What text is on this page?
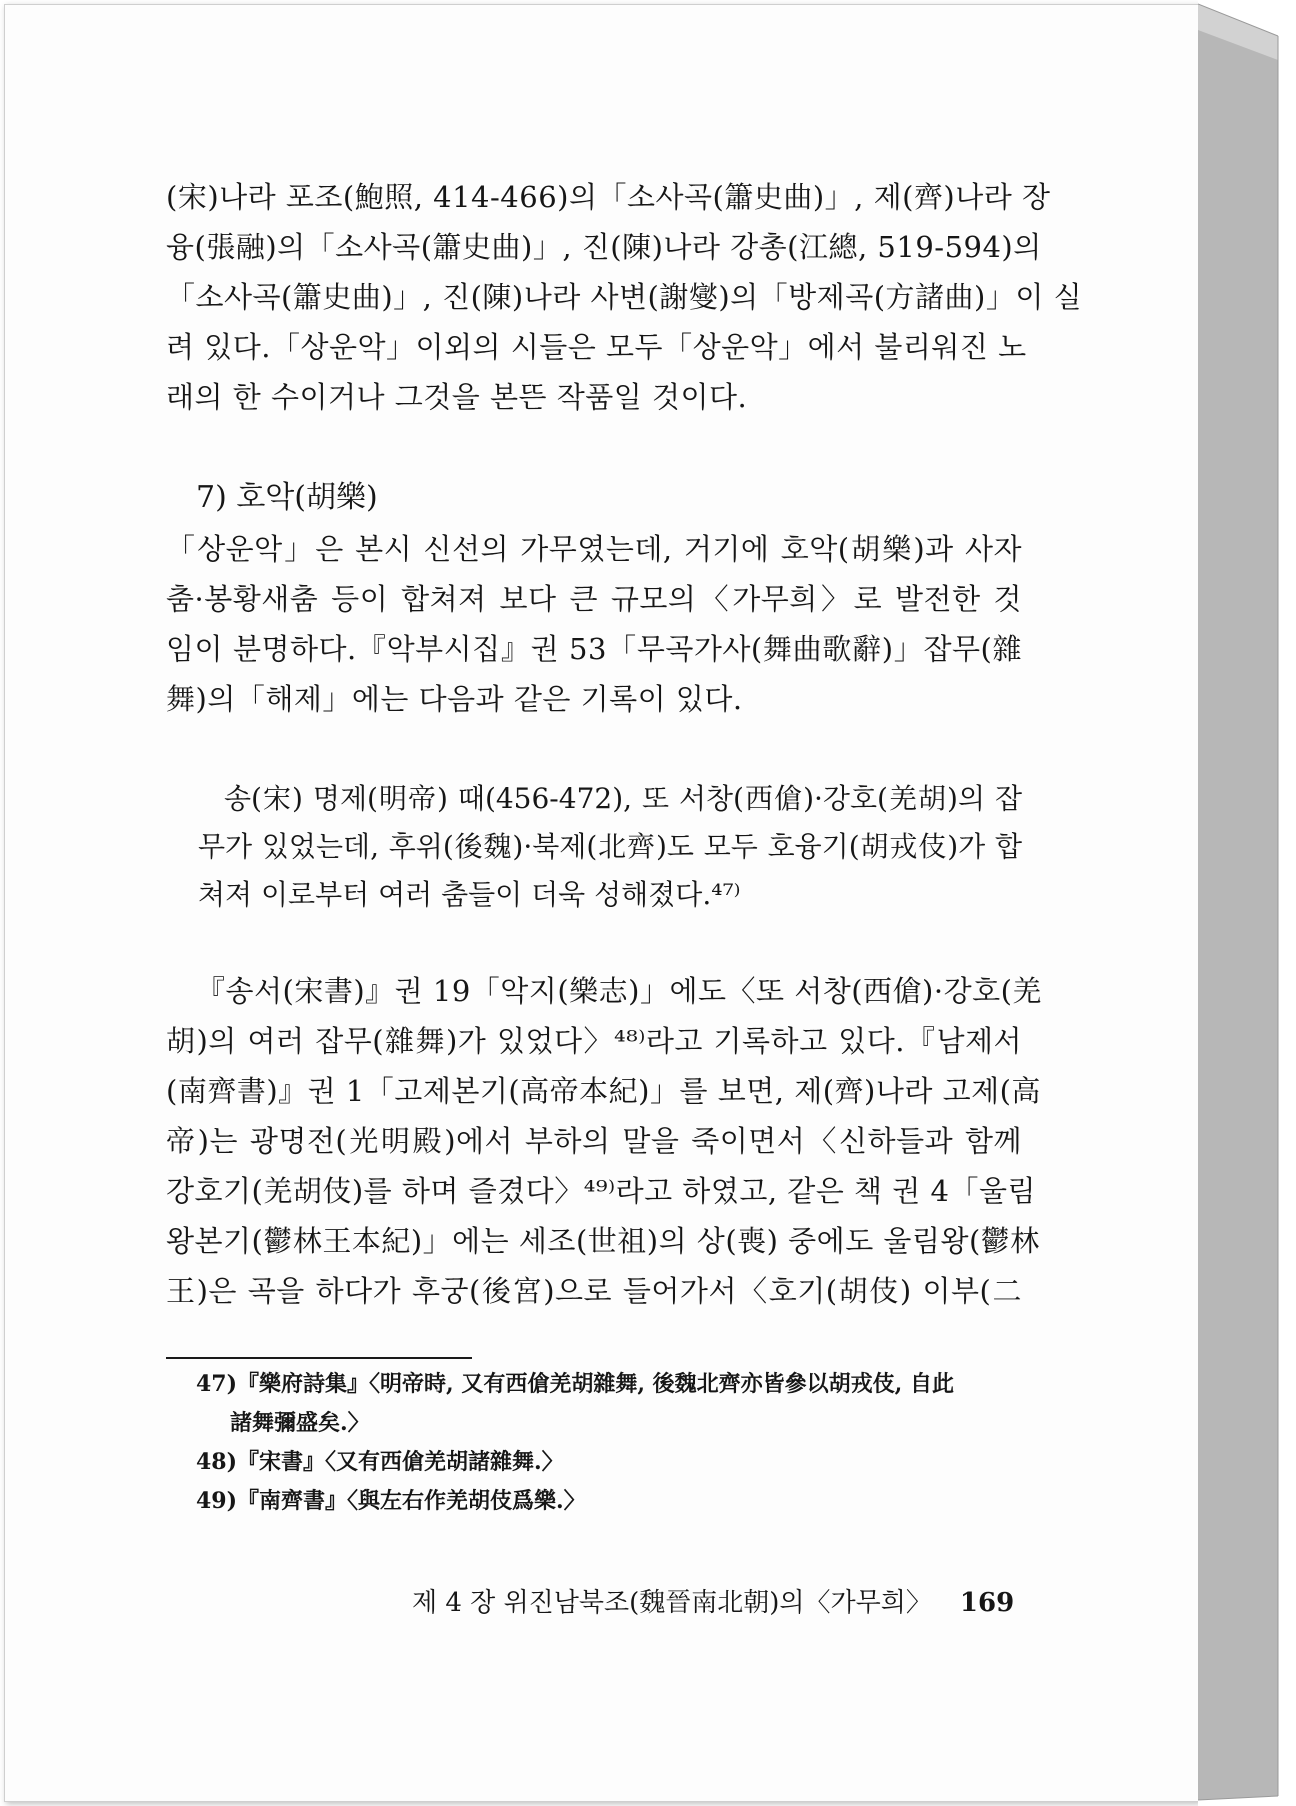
(宋)나라 포조(鮑照, 414-466)의「소사곡(簫史曲)」, 제(齊)나라 장
융(張融)의「소사곡(簫史曲)」, 진(陳)나라 강총(江總, 519-594)의
「소사곡(簫史曲)」, 진(陳)나라 사변(謝燮)의「방제곡(方諸曲)」이 실
려 있다.「상운악」이외의 시들은 모두「상운악」에서 불리워진 노
래의 한 수이거나 그것을 본뜬 작품일 것이다.
7) 호악(胡樂)
「상운악」은 본시 신선의 가무였는데, 거기에 호악(胡樂)과 사자
춤·봉황새춤 등이 합쳐져 보다 큰 규모의〈가무희〉로 발전한 것
임이 분명하다.『악부시집』권 53「무곡가사(舞曲歌辭)」잡무(雜
舞)의「해제」에는 다음과 같은 기록이 있다.
송(宋) 명제(明帝) 때(456-472), 또 서창(西傖)·강호(羌胡)의 잡
무가 있었는데, 후위(後魏)·북제(北齊)도 모두 호융기(胡戎伎)가 합
쳐져 이로부터 여러 춤들이 더욱 성해졌다.⁴⁷⁾
『송서(宋書)』권 19「악지(樂志)」에도〈또 서창(西傖)·강호(羌
胡)의 여러 잡무(雜舞)가 있었다〉⁴⁸⁾라고 기록하고 있다.『남제서
(南齊書)』권 1「고제본기(高帝本紀)」를 보면, 제(齊)나라 고제(高
帝)는 광명전(光明殿)에서 부하의 말을 죽이면서〈신하들과 함께
강호기(羌胡伎)를 하며 즐겼다〉⁴⁹⁾라고 하였고, 같은 책 권 4「울림
왕본기(鬱林王本紀)」에는 세조(世祖)의 상(喪) 중에도 울림왕(鬱林
王)은 곡을 하다가 후궁(後宮)으로 들어가서〈호기(胡伎) 이부(二
47)『樂府詩集』〈明帝時, 又有西傖羌胡雜舞, 後魏北齊亦皆參以胡戎伎, 自此
諸舞彌盛矣.〉
48)『宋書』〈又有西傖羌胡諸雜舞.〉
49)『南齊書』〈與左右作羌胡伎爲樂.〉
제 4 장 위진남북조(魏晉南北朝)의〈가무희〉 169
